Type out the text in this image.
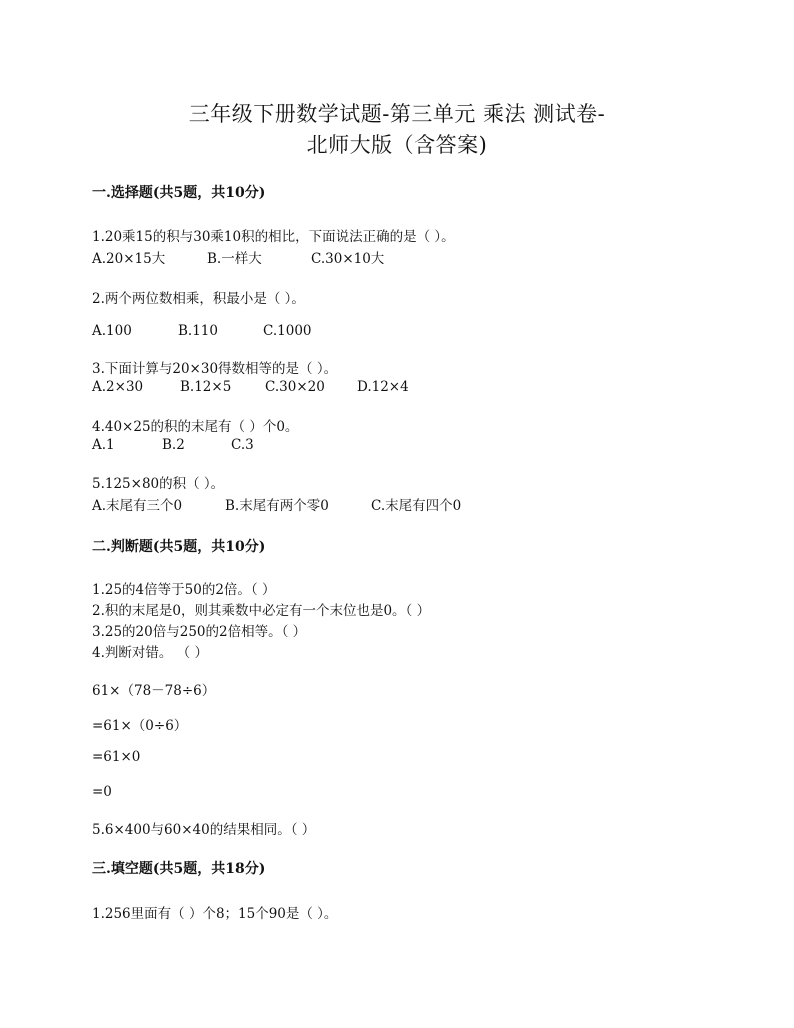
三年级下册数学试题-第三单元 乘法 测试卷-
北师大版（含答案)
一.选择题(共5题，共10分)
1.20乘15的积与30乘10积的相比，下面说法正确的是（ ）。
A.20×15大	B.一样大	C.30×10大
2.两个两位数相乘，积最小是（ ）。
A.100	B.110	C.1000
3.下面计算与20×30得数相等的是（ ）。
A.2×30	B.12×5	C.30×20	D.12×4
4.40×25的积的末尾有（ ）个0。
A.1	B.2	C.3
5.125×80的积（ ）。
A.末尾有三个0	B.末尾有两个零0	C.末尾有四个0
二.判断题(共5题，共10分)
1.25的4倍等于50的2倍。（ ）
2.积的末尾是0，则其乘数中必定有一个末位也是0。（ ）
3.25的20倍与250的2倍相等。（ ）
4.判断对错。 （ ）
61×（78－78÷6）
=61×（0÷6）
=61×0
=0
5.6×400与60×40的结果相同。（ ）
三.填空题(共5题，共18分)
1.256里面有（ ）个8；15个90是（ ）。
